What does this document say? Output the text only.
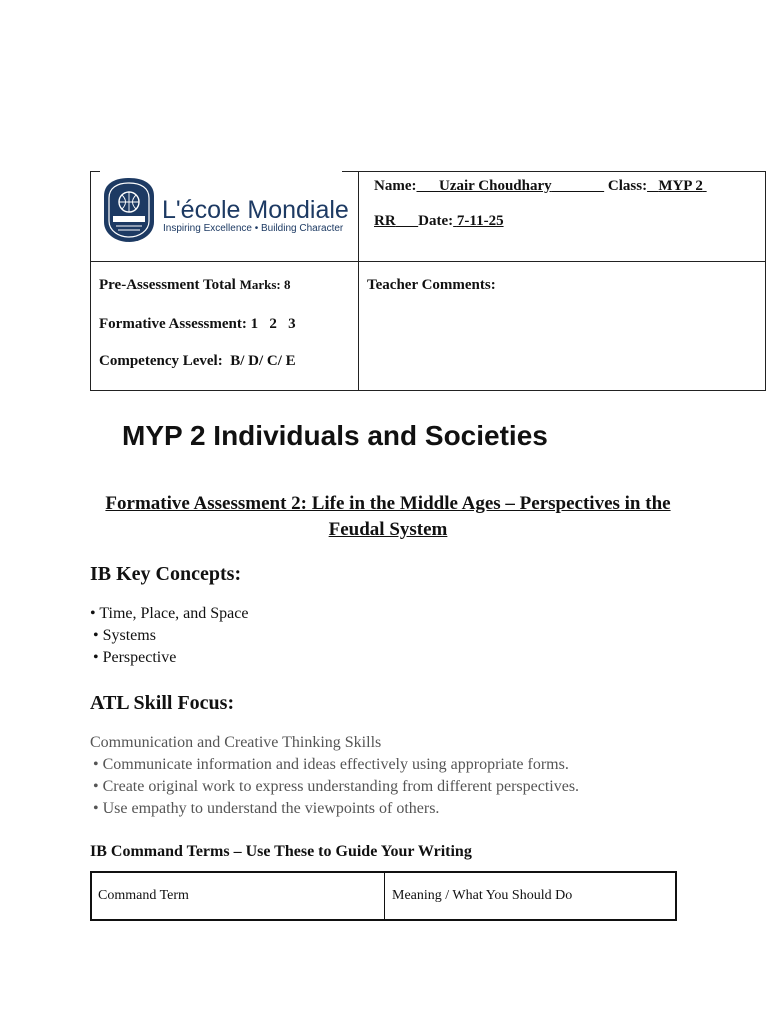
L'école Mondiale
Inspiring Excellence • Building Character
Name: Uzair Choudhary	Class: MYP 2
RR Date: 7-11-25
Pre-Assessment Total Marks: 8
Formative Assessment: 1   2   3
Competency Level: B/ D/ C/ E
Teacher Comments:
MYP 2 Individuals and Societies
Formative Assessment 2: Life in the Middle Ages – Perspectives in the
Feudal System

IB Key Concepts:

• Time, Place, and Space

• Systems

• Perspective

ATL Skill Focus:

Communication and Creative Thinking Skills

• Communicate information and ideas effectively using appropriate forms.

• Create original work to express understanding from different perspectives.

• Use empathy to understand the viewpoints of others.

IB Command Terms – Use These to Guide Your Writing
Command Term	Meaning / What You Should Do
